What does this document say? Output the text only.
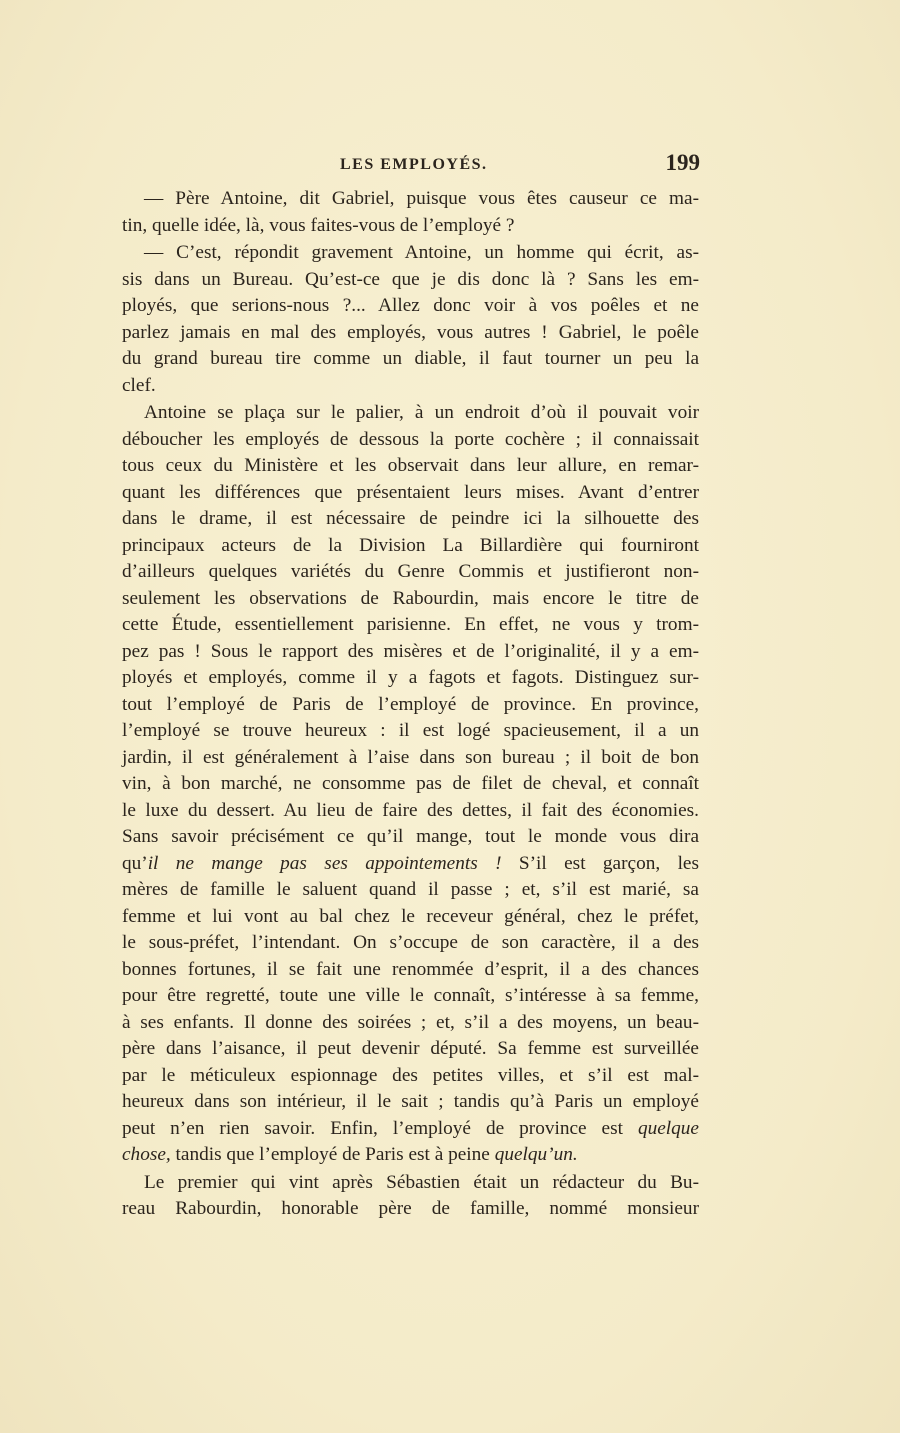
LES EMPLOYÉS.	199
— Père Antoine, dit Gabriel, puisque vous êtes causeur ce ma-
tin, quelle idée, là, vous faites-vous de l’employé ?
— C’est, répondit gravement Antoine, un homme qui écrit, as-
sis dans un Bureau. Qu’est-ce que je dis donc là ? Sans les em-
ployés, que serions-nous ?... Allez donc voir à vos poêles et ne
parlez jamais en mal des employés, vous autres ! Gabriel, le poêle
du grand bureau tire comme un diable, il faut tourner un peu la
clef.
Antoine se plaça sur le palier, à un endroit d’où il pouvait voir
déboucher les employés de dessous la porte cochère ; il connaissait
tous ceux du Ministère et les observait dans leur allure, en remar-
quant les différences que présentaient leurs mises. Avant d’entrer
dans le drame, il est nécessaire de peindre ici la silhouette des
principaux acteurs de la Division La Billardière qui fourniront
d’ailleurs quelques variétés du Genre Commis et justifieront non-
seulement les observations de Rabourdin, mais encore le titre de
cette Étude, essentiellement parisienne. En effet, ne vous y trom-
pez pas ! Sous le rapport des misères et de l’originalité, il y a em-
ployés et employés, comme il y a fagots et fagots. Distinguez sur-
tout l’employé de Paris de l’employé de province. En province,
l’employé se trouve heureux : il est logé spacieusement, il a un
jardin, il est généralement à l’aise dans son bureau ; il boit de bon
vin, à bon marché, ne consomme pas de filet de cheval, et connaît
le luxe du dessert. Au lieu de faire des dettes, il fait des économies.
Sans savoir précisément ce qu’il mange, tout le monde vous dira
qu’il ne mange pas ses appointements ! S’il est garçon, les
mères de famille le saluent quand il passe ; et, s’il est marié, sa
femme et lui vont au bal chez le receveur général, chez le préfet,
le sous-préfet, l’intendant. On s’occupe de son caractère, il a des
bonnes fortunes, il se fait une renommée d’esprit, il a des chances
pour être regretté, toute une ville le connaît, s’intéresse à sa femme,
à ses enfants. Il donne des soirées ; et, s’il a des moyens, un beau-
père dans l’aisance, il peut devenir député. Sa femme est surveillée
par le méticuleux espionnage des petites villes, et s’il est mal-
heureux dans son intérieur, il le sait ; tandis qu’à Paris un employé
peut n’en rien savoir. Enfin, l’employé de province est quelque
chose, tandis que l’employé de Paris est à peine quelqu’un.
Le premier qui vint après Sébastien était un rédacteur du Bu-
reau Rabourdin, honorable père de famille, nommé monsieur
